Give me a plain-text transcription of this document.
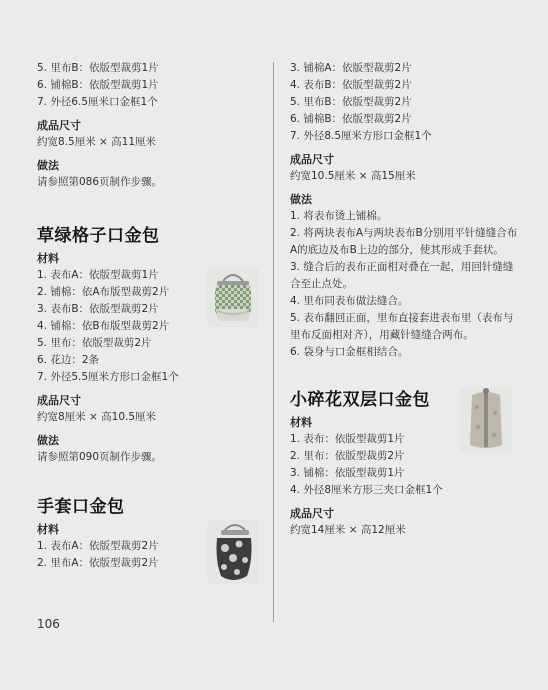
5. 里布B：依版型裁剪1片
6. 铺棉B：依版型裁剪1片
7. 外径6.5厘米口金框1个
成品尺寸
约宽8.5厘米 × 高11厘米
做法
请参照第086页制作步骤。
草绿格子口金包
材料
1. 表布A：依版型裁剪1片
2. 铺棉：依A布版型裁剪2片
3. 表布B：依版型裁剪2片
4. 铺棉：依B布版型裁剪2片
5. 里布：依版型裁剪2片
6. 花边：2条
7. 外径5.5厘米方形口金框1个
成品尺寸
约宽8厘米 × 高10.5厘米
做法
请参照第090页制作步骤。
手套口金包
材料
1. 表布A：依版型裁剪2片
2. 里布A：依版型裁剪2片
3. 铺棉A：依版型裁剪2片
4. 表布B：依版型裁剪2片
5. 里布B：依版型裁剪2片
6. 铺棉B：依版型裁剪2片
7. 外径8.5厘米方形口金框1个
成品尺寸
约宽10.5厘米 × 高15厘米
做法
1. 将表布烫上铺棉。
2. 将两块表布A与两块表布B分别用平针缝缝合布A的底边及布B上边的部分，使其形成手套状。
3. 缝合后的表布正面相对叠在一起，用回针缝缝合至止点处。
4. 里布同表布做法缝合。
5. 表布翻回正面，里布直接套进表布里（表布与里布反面相对齐），用藏针缝缝合两布。
6. 袋身与口金框相结合。
小碎花双层口金包
材料
1. 表布：依版型裁剪1片
2. 里布：依版型裁剪2片
3. 铺棉：依版型裁剪1片
4. 外径8厘米方形三夹口金框1个
成品尺寸
约宽14厘米 × 高12厘米
106
